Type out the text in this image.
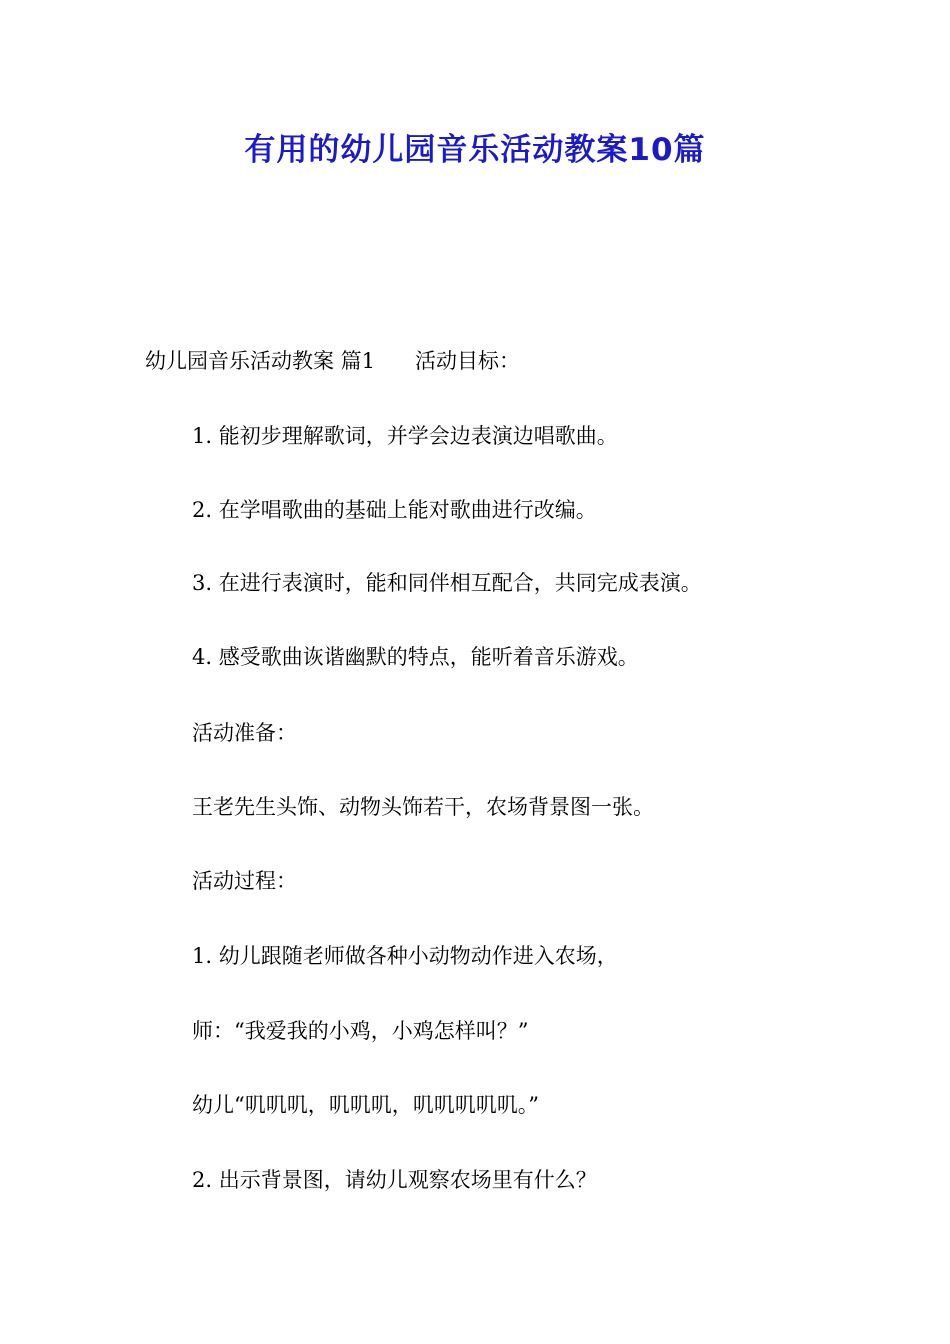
有用的幼儿园音乐活动教案10篇

幼儿园音乐活动教案 篇1 活动目标：

1. 能初步理解歌词，并学会边表演边唱歌曲。

2. 在学唱歌曲的基础上能对歌曲进行改编。

3. 在进行表演时，能和同伴相互配合，共同完成表演。

4. 感受歌曲诙谐幽默的特点，能听着音乐游戏。

活动准备：

王老先生头饰、动物头饰若干，农场背景图一张。

活动过程：

1. 幼儿跟随老师做各种小动物动作进入农场，

师：“我爱我的小鸡，小鸡怎样叫？”

幼儿“叽叽叽，叽叽叽，叽叽叽叽叽。”

2. 出示背景图，请幼儿观察农场里有什么？
